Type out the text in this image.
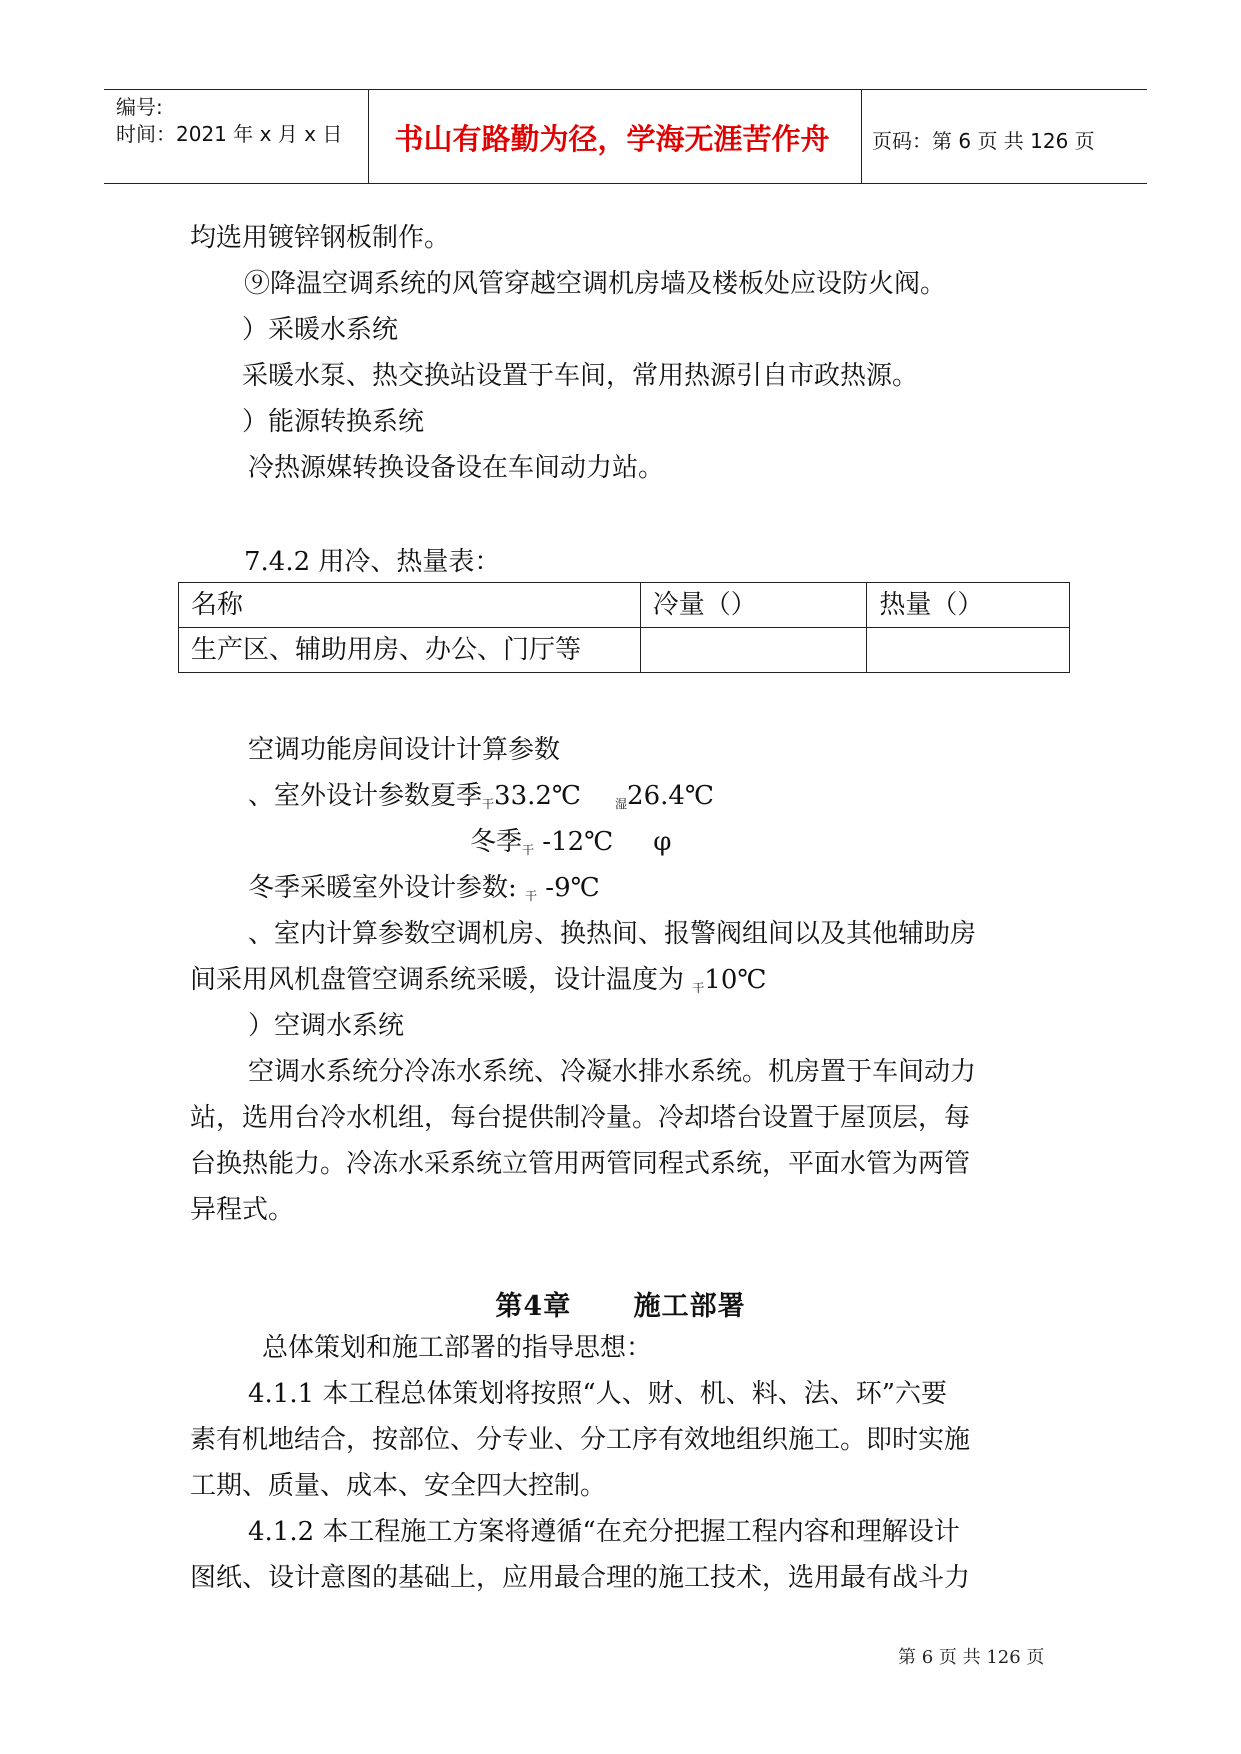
编号:
时间：2021 年 x 月 x 日	书山有路勤为径，学海无涯苦作舟	页码：第 6 页 共 126 页
均选用镀锌钢板制作。
⑨降温空调系统的风管穿越空调机房墙及楼板处应设防火阀。
）采暖水系统
采暖水泵、热交换站设置于车间，常用热源引自市政热源。
）能源转换系统
冷热源媒转换设备设在车间动力站。
7.4.2 用冷、热量表：
名称	冷量（）	热量（）
生产区、辅助用房、办公、门厅等		
空调功能房间设计计算参数
、室外设计参数夏季$_干$33.2℃	$_湿$26.4℃
冬季$_干$ -12℃ φ
冬季采暖室外设计参数: $_干$ -9℃
、室内计算参数空调机房、换热间、报警阀组间以及其他辅助房
间采用风机盘管空调系统采暖，设计温度为 $_干$10℃
）空调水系统
空调水系统分冷冻水系统、冷凝水排水系统。机房置于车间动力
站，选用台冷水机组，每台提供制冷量。冷却塔台设置于屋顶层，每
台换热能力。冷冻水采系统立管用两管同程式系统，平面水管为两管
异程式。
第4章      施工部署
总体策划和施工部署的指导思想：
4.1.1 本工程总体策划将按照“人、财、机、料、法、环”六要
素有机地结合，按部位、分专业、分工序有效地组织施工。即时实施
工期、质量、成本、安全四大控制。
4.1.2 本工程施工方案将遵循“在充分把握工程内容和理解设计
图纸、设计意图的基础上，应用最合理的施工技术，选用最有战斗力
第 6 页 共 126 页
